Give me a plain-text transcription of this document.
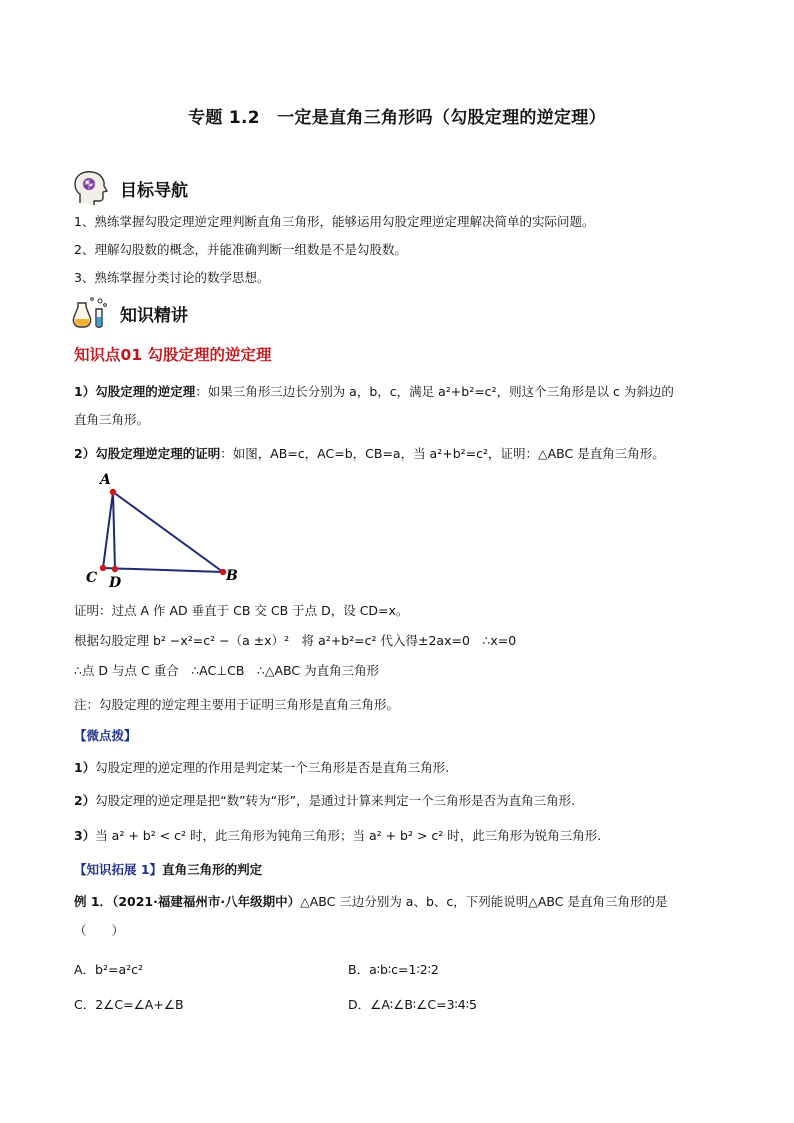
专题 1.2　一定是直角三角形吗（勾股定理的逆定理）
目标导航
1、熟练掌握勾股定理逆定理判断直角三角形，能够运用勾股定理逆定理解决简单的实际问题。
2、理解勾股数的概念，并能准确判断一组数是不是勾股数。
3、熟练掌握分类讨论的数学思想。
知识精讲
知识点01 勾股定理的逆定理
1）勾股定理的逆定理：如果三角形三边长分别为 a，b，c，满足 a²+b²=c²，则这个三角形是以 c 为斜边的
直角三角形。
2）勾股定理逆定理的证明：如图，AB=c，AC=b，CB=a，当 a²+b²=c²，证明：△ABC 是直角三角形。
A
C D	B
证明：过点 A 作 AD 垂直于 CB 交 CB 于点 D，设 CD=x。
根据勾股定理 b² −x²=c² −（a ±x）²　将 a²+b²=c² 代入得±2ax=0　∴x=0
∴点 D 与点 C 重合　∴AC⊥CB　∴△ABC 为直角三角形
注：勾股定理的逆定理主要用于证明三角形是直角三角形。
【微点拨】
1）勾股定理的逆定理的作用是判定某一个三角形是否是直角三角形.
2）勾股定理的逆定理是把“数”转为“形”，是通过计算来判定一个三角形是否为直角三角形.
3）当 a² + b² < c² 时，此三角形为钝角三角形；当 a² + b² > c² 时，此三角形为锐角三角形.
【知识拓展 1】直角三角形的判定
例 1．（2021·福建福州市·八年级期中）△ABC 三边分别为 a、b、c，下列能说明△ABC 是直角三角形的是
（　　）
A．b²=a²c²	B．a∶b∶c=1∶2∶2
C．2∠C=∠A+∠B	D．∠A∶∠B∶∠C=3∶4∶5
